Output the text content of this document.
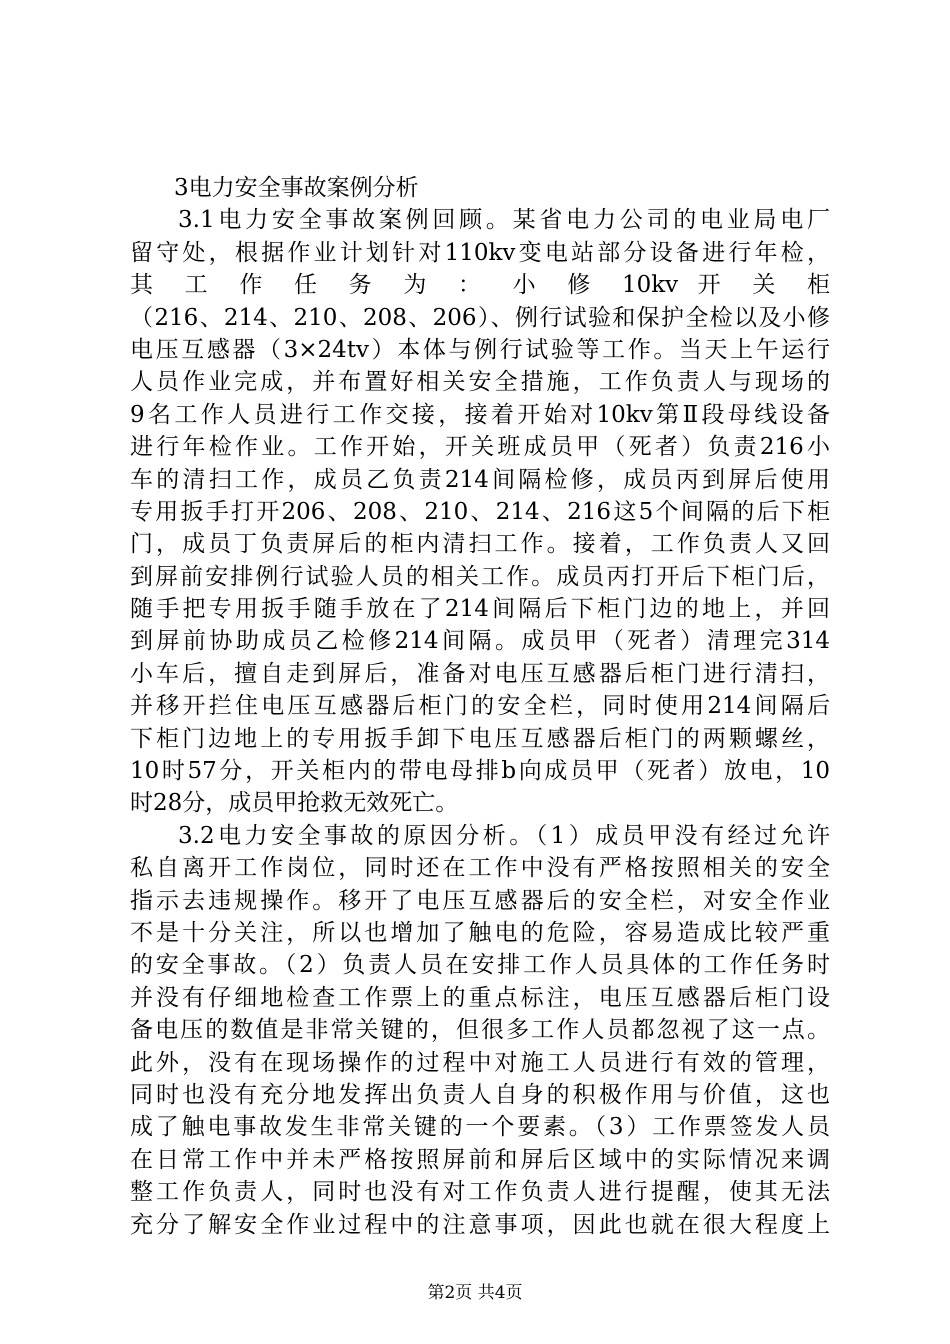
3电力安全事故案例分析
3.1电力安全事故案例回顾。某省电力公司的电业局电厂
留守处，根据作业计划针对110kv变电站部分设备进行年检，
其 工 作 任 务 为 ： 小 修 10kv 开 关 柜
（216、214、210、208、206）、例行试验和保护全检以及小修
电压互感器（3×24tv）本体与例行试验等工作。当天上午运行
人员作业完成，并布置好相关安全措施，工作负责人与现场的
9名工作人员进行工作交接，接着开始对10kv第Ⅱ段母线设备
进行年检作业。工作开始，开关班成员甲（死者）负责216小
车的清扫工作，成员乙负责214间隔检修，成员丙到屏后使用
专用扳手打开206、208、210、214、216这5个间隔的后下柜
门，成员丁负责屏后的柜内清扫工作。接着，工作负责人又回
到屏前安排例行试验人员的相关工作。成员丙打开后下柜门后，
随手把专用扳手随手放在了214间隔后下柜门边的地上，并回
到屏前协助成员乙检修214间隔。成员甲（死者）清理完314
小车后，擅自走到屏后，准备对电压互感器后柜门进行清扫，
并移开拦住电压互感器后柜门的安全栏，同时使用214间隔后
下柜门边地上的专用扳手卸下电压互感器后柜门的两颗螺丝，
10时57分，开关柜内的带电母排b向成员甲（死者）放电，10
时28分，成员甲抢救无效死亡。
3.2电力安全事故的原因分析。（1）成员甲没有经过允许
私自离开工作岗位，同时还在工作中没有严格按照相关的安全
指示去违规操作。移开了电压互感器后的安全栏，对安全作业
不是十分关注，所以也增加了触电的危险，容易造成比较严重
的安全事故。（2）负责人员在安排工作人员具体的工作任务时
并没有仔细地检查工作票上的重点标注，电压互感器后柜门设
备电压的数值是非常关键的，但很多工作人员都忽视了这一点。
此外，没有在现场操作的过程中对施工人员进行有效的管理，
同时也没有充分地发挥出负责人自身的积极作用与价值，这也
成了触电事故发生非常关键的一个要素。（3）工作票签发人员
在日常工作中并未严格按照屏前和屏后区域中的实际情况来调
整工作负责人，同时也没有对工作负责人进行提醒，使其无法
充分了解安全作业过程中的注意事项，因此也就在很大程度上
第2页 共4页
